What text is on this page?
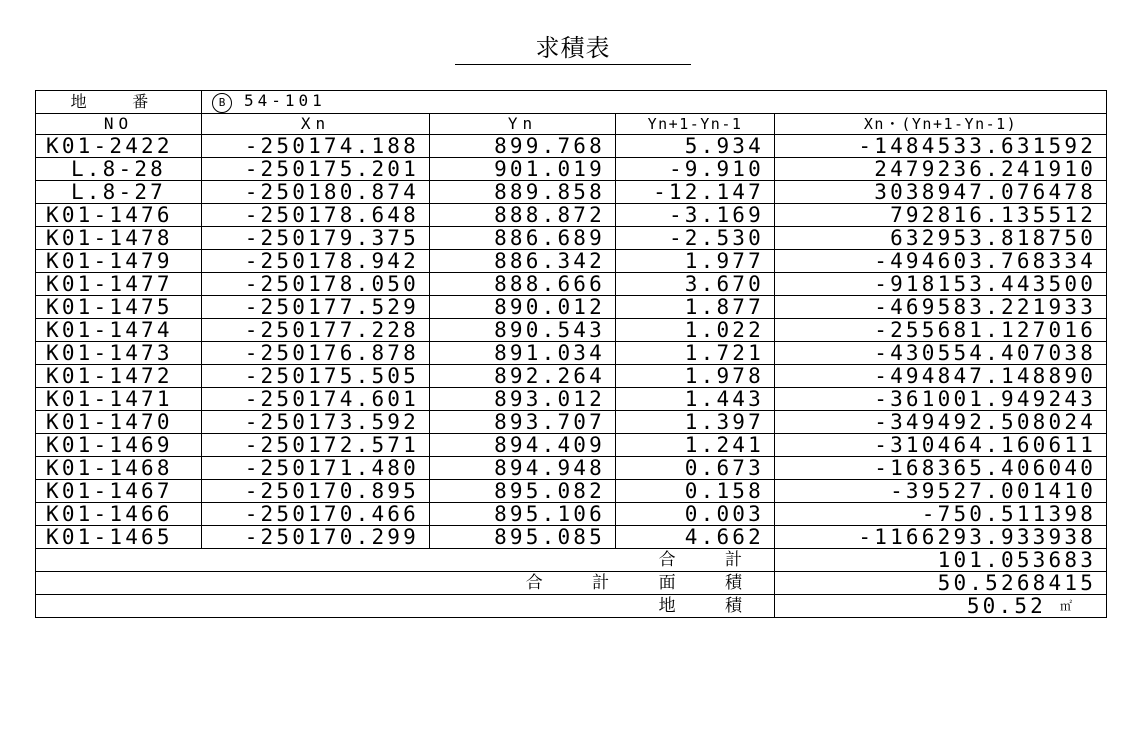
求積表
地 番	B 54-101			
NO	Xn	Yn	Yn+1-Yn-1	Xn・(Yn+1-Yn-1)
K01-2422	-250174.188	899.768	5.934	-1484533.631592
L.8-28	-250175.201	901.019	-9.910	2479236.241910
L.8-27	-250180.874	889.858	-12.147	3038947.076478
K01-1476	-250178.648	888.872	-3.169	792816.135512
K01-1478	-250179.375	886.689	-2.530	632953.818750
K01-1479	-250178.942	886.342	1.977	-494603.768334
K01-1477	-250178.050	888.666	3.670	-918153.443500
K01-1475	-250177.529	890.012	1.877	-469583.221933
K01-1474	-250177.228	890.543	1.022	-255681.127016
K01-1473	-250176.878	891.034	1.721	-430554.407038
K01-1472	-250175.505	892.264	1.978	-494847.148890
K01-1471	-250174.601	893.012	1.443	-361001.949243
K01-1470	-250173.592	893.707	1.397	-349492.508024
K01-1469	-250172.571	894.409	1.241	-310464.160611
K01-1468	-250171.480	894.948	0.673	-168365.406040
K01-1467	-250170.895	895.082	0.158	-39527.001410
K01-1466	-250170.466	895.106	0.003	-750.511398
K01-1465	-250170.299	895.085	4.662	-1166293.933938
合 計				101.053683
合 計 面 積				50.5268415
地 積				50.52 ㎡
